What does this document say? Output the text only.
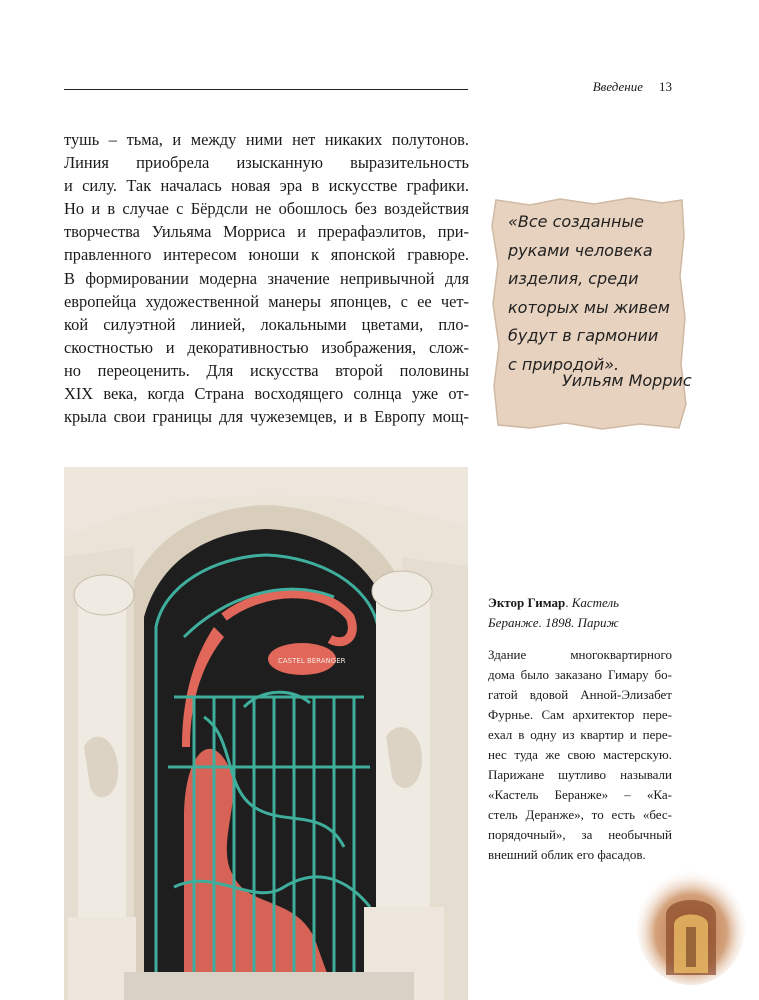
Введение 13
тушь – тьма, и между ними нет никаких полутонов.
Линия приобрела изысканную выразительность
и силу. Так началась новая эра в искусстве графики.
Но и в случае с Бёрдсли не обошлось без воздействия
творчества Уильяма Морриса и прерафаэлитов, при-
правленного интересом юноши к японской гравюре.
В формировании модерна значение непривычной для
европейца художественной манеры японцев, с ее чет-
кой силуэтной линией, локальными цветами, пло-
скостностью и декоративностью изображения, слож-
но переоценить. Для искусства второй половины
XIX века, когда Страна восходящего солнца уже от-
крыла свои границы для чужеземцев, и в Европу мощ-
«Все созданные
руками человека
изделия, среди
которых мы живем
будут в гармонии
с природой».
Уильям Моррис
CASTEL BERANGER
Эктор Гимар. Кастель Беранже. 1898. Париж
Здание многоквартирного
дома было заказано Гимару бо-
гатой вдовой Анной-Элизабет
Фурнье. Сам архитектор пере-
ехал в одну из квартир и пере-
нес туда же свою мастерскую.
Парижане шутливо называли
«Кастель Беранже» – «Ка-
стель Деранже», то есть «бес-
порядочный», за необычный
внешний облик его фасадов.
